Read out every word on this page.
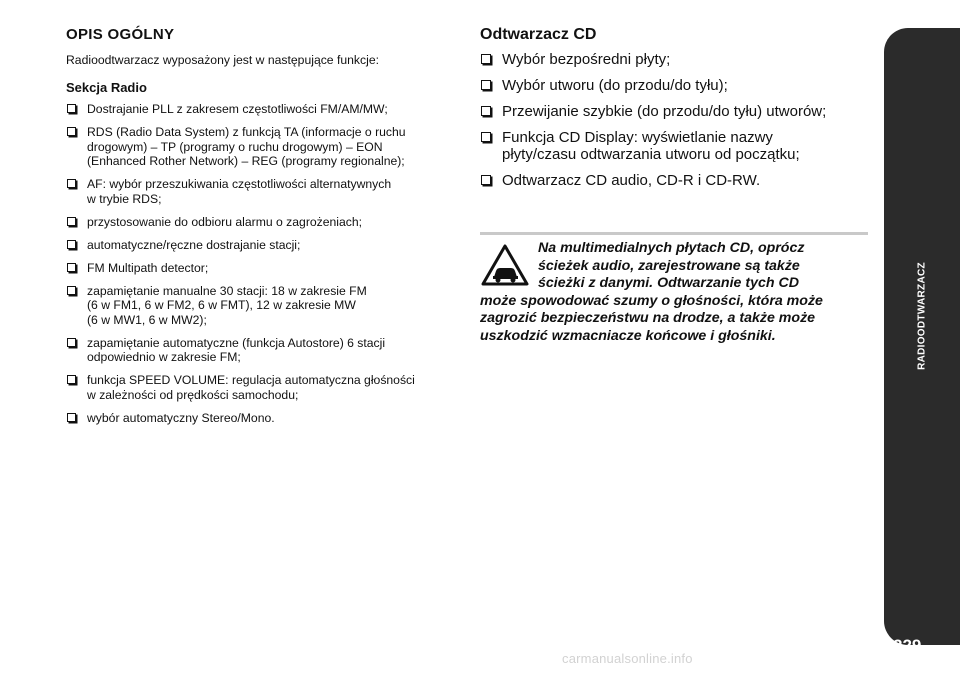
OPIS OGÓLNY
Radioodtwarzacz wyposażony jest w następujące funkcje:
Sekcja Radio
Dostrajanie PLL z zakresem częstotliwości FM/AM/MW;
RDS (Radio Data System) z funkcją TA (informacje o ruchu
drogowym) – TP (programy o ruchu drogowym) – EON
(Enhanced Rother Network) – REG (programy regionalne);
AF: wybór przeszukiwania częstotliwości alternatywnych
w trybie RDS;
przystosowanie do odbioru alarmu o zagrożeniach;
automatyczne/ręczne dostrajanie stacji;
FM Multipath detector;
zapamiętanie manualne 30 stacji: 18 w zakresie FM
(6 w FM1, 6 w FM2, 6 w FMT), 12 w zakresie MW
(6 w MW1, 6 w MW2);
zapamiętanie automatyczne (funkcja Autostore) 6 stacji
odpowiednio w zakresie FM;
funkcja SPEED VOLUME: regulacja automatyczna głośności
w zależności od prędkości samochodu;
wybór automatyczny Stereo/Mono.
Odtwarzacz CD
Wybór bezpośredni płyty;
Wybór utworu (do przodu/do tyłu);
Przewijanie szybkie (do przodu/do tyłu) utworów;
Funkcja CD Display: wyświetlanie nazwy
płyty/czasu odtwarzania utworu od początku;
Odtwarzacz CD audio, CD-R i CD-RW.
Na multimedialnych płytach CD, oprócz
ścieżek audio, zarejestrowane są także
ścieżki z danymi. Odtwarzanie tych CD
może spowodować szumy o głośności, która może
zagrozić bezpieczeństwu na drodze, a także może
uszkodzić wzmacniacze końcowe i głośniki.	RADIOODTWARZACZ
229
carmanualsonline.info
